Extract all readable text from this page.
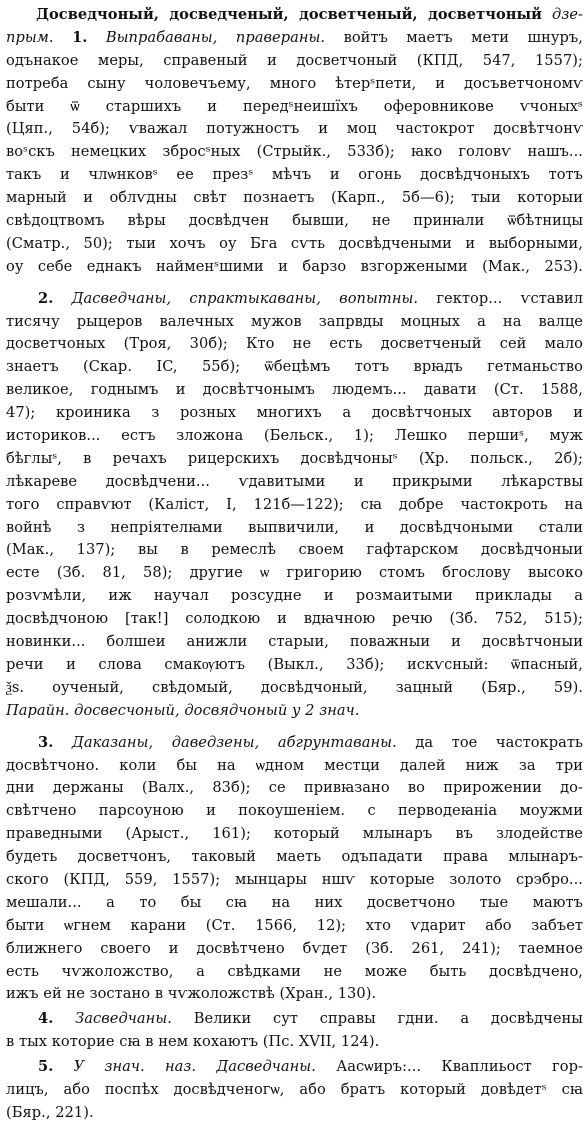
Досведчоный, досведченый, досветченый, досветчоный дзе-
прым. 1. Выпрабаваны, праверaны. войтъ маетъ мети шнуръ,
одънакое меры, справеный и досветчоный (КПД, 547, 1557);
потреба сыну чоловечъему, много ѣтерˢпети, и досъветчономѵ
быти ѿ старшихъ и передˢнеишїхъ оферовникове ѵчоныхˢ
(Цяп., 54б); ѵважал потужностъ и моц частокрот досвѣтчонѵ
воˢскъ немецких збросˢных (Стрыйк., 533б); ꙗко головѵ нашъ...
такъ и члѡнковˢ ее презˢ мѣчъ и огонь досвѣдчоныхъ тотъ
марный и облѵдны свѣт познаетъ (Карп., 5б—6); тыи которыи
свѣдоцтвомъ вѣры досвѣдчен бывши, не принꙗли ѿбѣтницы
(Сматр., 50); тыи хочъ оу Бга сѵть досвѣдчеными и выборными,
оу себе еднакъ найменˢшими и барзо взгоржеными (Мак., 253).
2. Дасведчаны, спрактыкаваны, вопытны. гектор... ѵставил
тисячу рыцеров валечных мужов запрвды моцных а на валце
досветчоных (Троя, 30б); Кто не есть досветченый сей мало
знаетъ (Скар. IC, 55б); ѿбецѣмъ тотъ врꙗдъ гетманьство
великое, годнымъ и досвѣтчонымъ людемъ... давати (Ст. 1588,
47); кроиника з розных многихъ а досвѣтчоных авторов и
историков... естъ зложона (Бельск., 1); Лешко першиˢ, муж
бѣглыˢ, в речахъ рицерскихъ досвѣдчоныˢ (Хр. польск., 2б);
лѣкареве досвѣдчени... ѵдавитыми и прикрыми лѣкарствы
того справѵют (Каліст, I, 121б—122); сꙗ добре частокроть на
войнѣ з непріятелꙗми выпвичили, и досвѣдчоными стали
(Мак., 137); вы в ремеслѣ своем гафтарском досвѣдчоныи
есте (Зб. 81, 58); другие ѡ григорию стомъ бгослову высоко
розѵмѣли, иж научал розсудне и розмаитыми приклады а
досвѣдчоною [так!] солодкою и вдꙗчною речю (Зб. 752, 515);
новинки... болшеи анижли старыи, поважныи и досвѣтчоныи
речи и слова смакѹютъ (Выкл., 33б); искѵсный: ѿпасный,
ѯs. оученый, свѣдомый, досвѣдчоный, зацный (Бяр., 59).
Парайн. досвесчоный, досвядчоный у 2 знач.
3. Даказаны, даведзены, абгрунтаваны. да тое частократь
досвѣтчоно. коли бы на ѡдном местци далей ниж за три
дни держаны (Валх., 83б); се привꙗзано во прирожении до-
свѣтчено парсоуною и покоушеніем. с перводеꙗніа моужми
праведными (Арыст., 161); который млынаръ въ злодействе
будеть досветчонъ, таковый маеть одъпадати права млынаръ-
ского (КПД, 559, 1557); мынцары ншѵ которые золото срэбро...
мешали... а то бы сꙗ на них досветчоно тые маютъ
быти ѡгнем карани (Ст. 1566, 12); хто ѵдарит або забъет
ближнего своего и досвѣтчено бѵдет (Зб. 261, 241); таемное
есть чѵжоложство, а свѣдками не може быть досвѣдчено,
ижъ ей не зостано в чѵжоложствѣ (Хран., 130).
4. Засведчаны. Велики сут справы гдни. а досвѣдчены
в тых которие сꙗ в нем кохаютъ (Пс. XVII, 124).
5. У знач. наз. Дасведчаны. Аасѡиръ:... Кваплиьост гор-
лицъ, або поспѣх досвѣдченогѡ, або братъ который довѣдетˢ сꙗ
(Бяр., 221).
